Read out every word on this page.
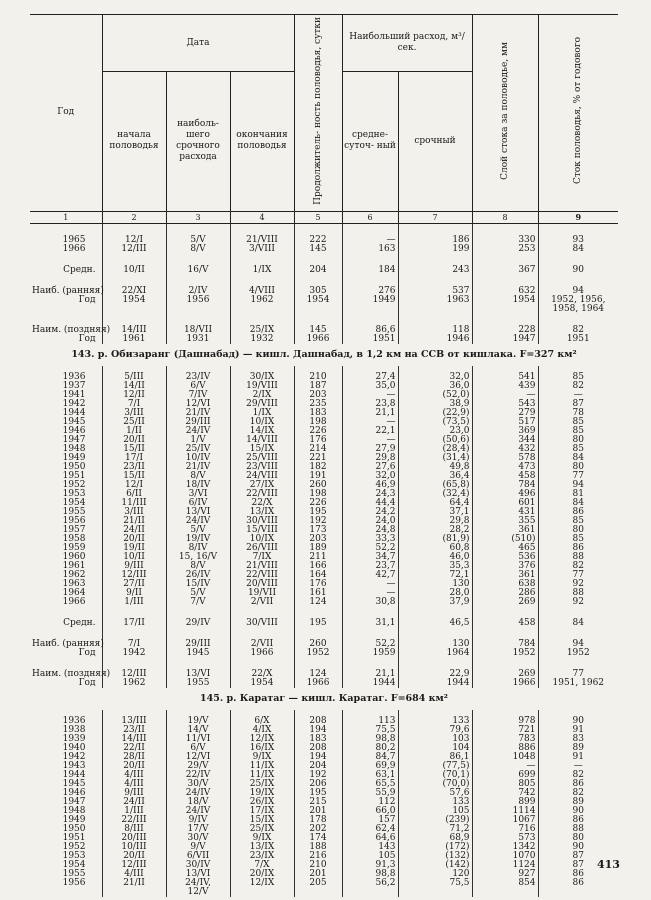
Год	Дата			Продолжитель- ность половодья, сутки	Наибольший расход, м³/сек.		Слой стока за половодье, мм	Сток половодья, % от годового
	начала половодья	наиболь- шего срочного расхода	окончания половодья		средне- суточ- ный	срочный		
1	2	3	4	5	6	7	8	9

1965	12/I	5/V	21/VIII	222	—	186	330	93
1966	12/III	8/V	3/VIII	145	163	199	253	84

Средн.	10/II	16/V	1/IX	204	184	243	367	90

Наиб. (ранняя)	22/XI	2/IV	4/VIII	305	276	537	632	94
Год	1954	1956	1962	1954	1949	1963	1954	1952, 1956,
								1958, 1964

Наим. (поздняя)	14/III	18/VII	25/IX	145	86,6	118	228	82
Год	1961	1931	1932	1966	1951	1946	1947	1951
143. р. Обизаранг (Дашнабад) — кишл. Дашнабад, в 1,2 км на ССВ от кишлака. F=327 км²								

1936	5/III	23/IV	30/IX	210	27,4	32,0	541	85
1937	14/II	6/V	19/VIII	187	35,0	36,0	439	82
1941	12/II	7/IV	2/IX	203	—	(52,0)	—	—
1942	7/I	12/VI	29/VIII	235	23,8	38,9	543	87
1944	3/III	21/IV	1/IX	183	21,1	(22,9)	279	78
1945	25/II	29/III	10/IX	198	—	(73,5)	517	85
1946	1/II	24/IV	14/IX	226	22,1	23,0	369	85
1947	20/II	1/V	14/VIII	176	—	(50,6)	344	80
1948	15/II	25/IV	15/IX	214	27,9	(28,4)	432	85
1949	17/I	10/IV	25/VIII	221	29,8	(31,4)	578	84
1950	23/II	21/IV	23/VIII	182	27,6	49,8	473	80
1951	15/II	8/V	24/VIII	191	32,0	36,4	458	77
1952	12/I	18/IV	27/IX	260	46,9	(65,8)	784	94
1953	6/II	3/VI	22/VIII	198	24,3	(32,4)	496	81
1954	11/III	6/IV	22/X	226	44,4	64,4	601	84
1955	3/III	13/VI	13/IX	195	24,2	37,1	431	86
1956	21/II	24/IV	30/VIII	192	24,0	29,8	355	85
1957	24/II	5/V	15/VIII	173	24,8	28,2	361	80
1958	20/II	19/IV	10/IX	203	33,3	(81,9)	(510)	85
1959	19/II	8/IV	26/VIII	189	52,2	60,8	465	86
1960	10/II	15, 16/V	7/IX	211	34,7	46,0	536	88
1961	9/III	8/V	21/VIII	166	23,7	35,3	376	82
1962	12/III	26/IV	22/VIII	164	42,7	72,1	361	77
1963	27/II	15/IV	20/VIII	176	—	130	638	92
1964	9/II	5/V	19/VII	161	—	28,0	286	88
1966	1/III	7/V	2/VII	124	30,8	37,9	269	92

Средн.	17/II	29/IV	30/VIII	195	31,1	46,5	458	84

Наиб. (ранняя)	7/I	29/III	2/VII	260	52,2	130	784	94
Год	1942	1945	1966	1952	1959	1964	1952	1952

Наим. (поздняя)	12/III	13/VI	22/X	124	21,1	22,9	269	77
Год	1962	1955	1954	1966	1944	1944	1966	1951, 1962
145. р. Каратаг — кишл. Каратаг. F=684 км²								

1936	13/III	19/V	6/X	208	113	133	978	90
1938	23/II	14/V	4/IX	194	75,5	79,6	721	91
1939	14/III	11/VI	12/IX	183	98,8	103	783	83
1940	22/II	6/V	16/IX	208	80,2	104	886	89
1942	28/II	12/VI	9/IX	194	84,7	86,1	1048	91
1943	20/II	29/V	11/IX	204	69,9	(77,5)	—	—
1944	4/III	22/IV	11/IX	192	63,1	(70,1)	699	82
1945	4/III	30/V	25/IX	206	65,5	(70,0)	805	86
1946	9/III	24/IV	19/IX	195	55,9	57,6	742	82
1947	24/II	18/V	26/IX	215	112	133	899	89
1948	1/III	24/IV	17/IX	201	66,0	105	1114	90
1949	22/III	9/IV	15/IX	178	157	(239)	1067	86
1950	8/III	17/V	25/IX	202	62,4	71,2	716	88
1951	20/III	30/V	9/IX	174	64,6	68,9	573	80
1952	10/III	9/V	13/IX	188	143	(172)	1342	90
1953	20/II	6/VII	23/IX	216	105	(132)	1070	87
1954	12/III	30/IV	7/X	210	91,3	(142)	1124	87
1955	4/III	13/VI	20/IX	201	98,8	120	927	86
1956	21/II	24/IV,	12/IX	205	56,2	75,5	854	86
		12/V						
413
